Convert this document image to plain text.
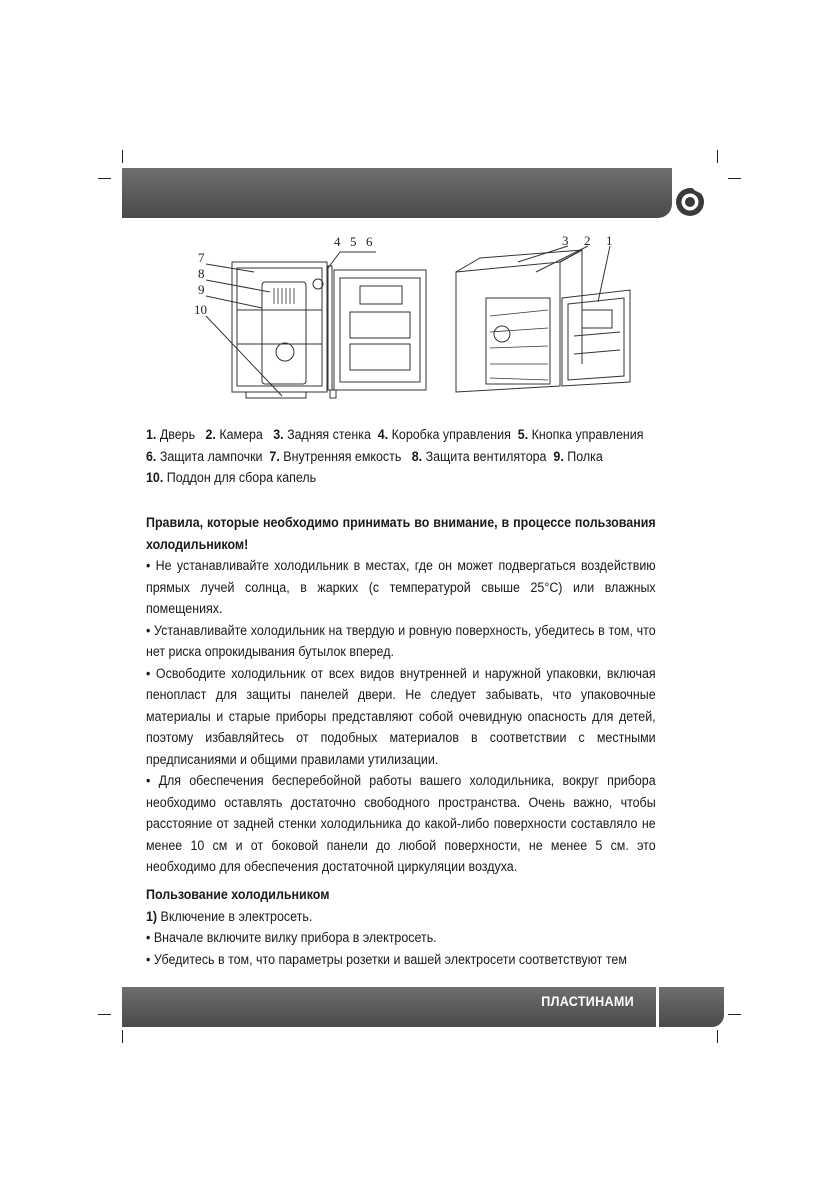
7
8
9
10
4 5 6	3 2 1

1. Дверь   2. Камера   3. Задняя стенка  4. Коробка управления  5. Кнопка управления

6. Защита лампочки  7. Внутренняя емкость   8. Защита вентилятора  9. Полка

10. Поддон для сбора капель

Правила, которые необходимо принимать во внимание, в процессе пользования холодильником!

• Не устанавливайте холодильник в местах, где он может подвергаться воздействию прямых лучей солнца, в жарких (с температурой свыше 25°С) или влажных помещениях.

• Устанавливайте холодильник на твердую и ровную поверхность, убедитесь в том, что нет риска опрокидывания бутылок вперед.

• Освободите холодильник от всех видов внутренней и наружной упаковки, включая пенопласт для защиты панелей двери. Не следует забывать, что упаковочные материалы и старые приборы представляют собой очевидную опасность для детей, поэтому избавляйтесь от подобных материалов в соответствии с местными предписаниями и общими правилами утилизации.

• Для обеспечения бесперебойной работы вашего холодильника, вокруг прибора необходимо оставлять достаточно свободного пространства. Очень важно, чтобы расстояние от задней стенки холодильника до какой-либо поверхности составляло не менее 10 см и от боковой панели до любой поверхности, не менее 5 см. это необходимо для обеспечения достаточной циркуляции воздуха.

Пользование холодильником

1) Включение в электросеть.

• Вначале включите вилку прибора в электросеть.

• Убедитесь в том, что параметры розетки и вашей электросети соответствуют тем

ПЛАСТИНАМИ
